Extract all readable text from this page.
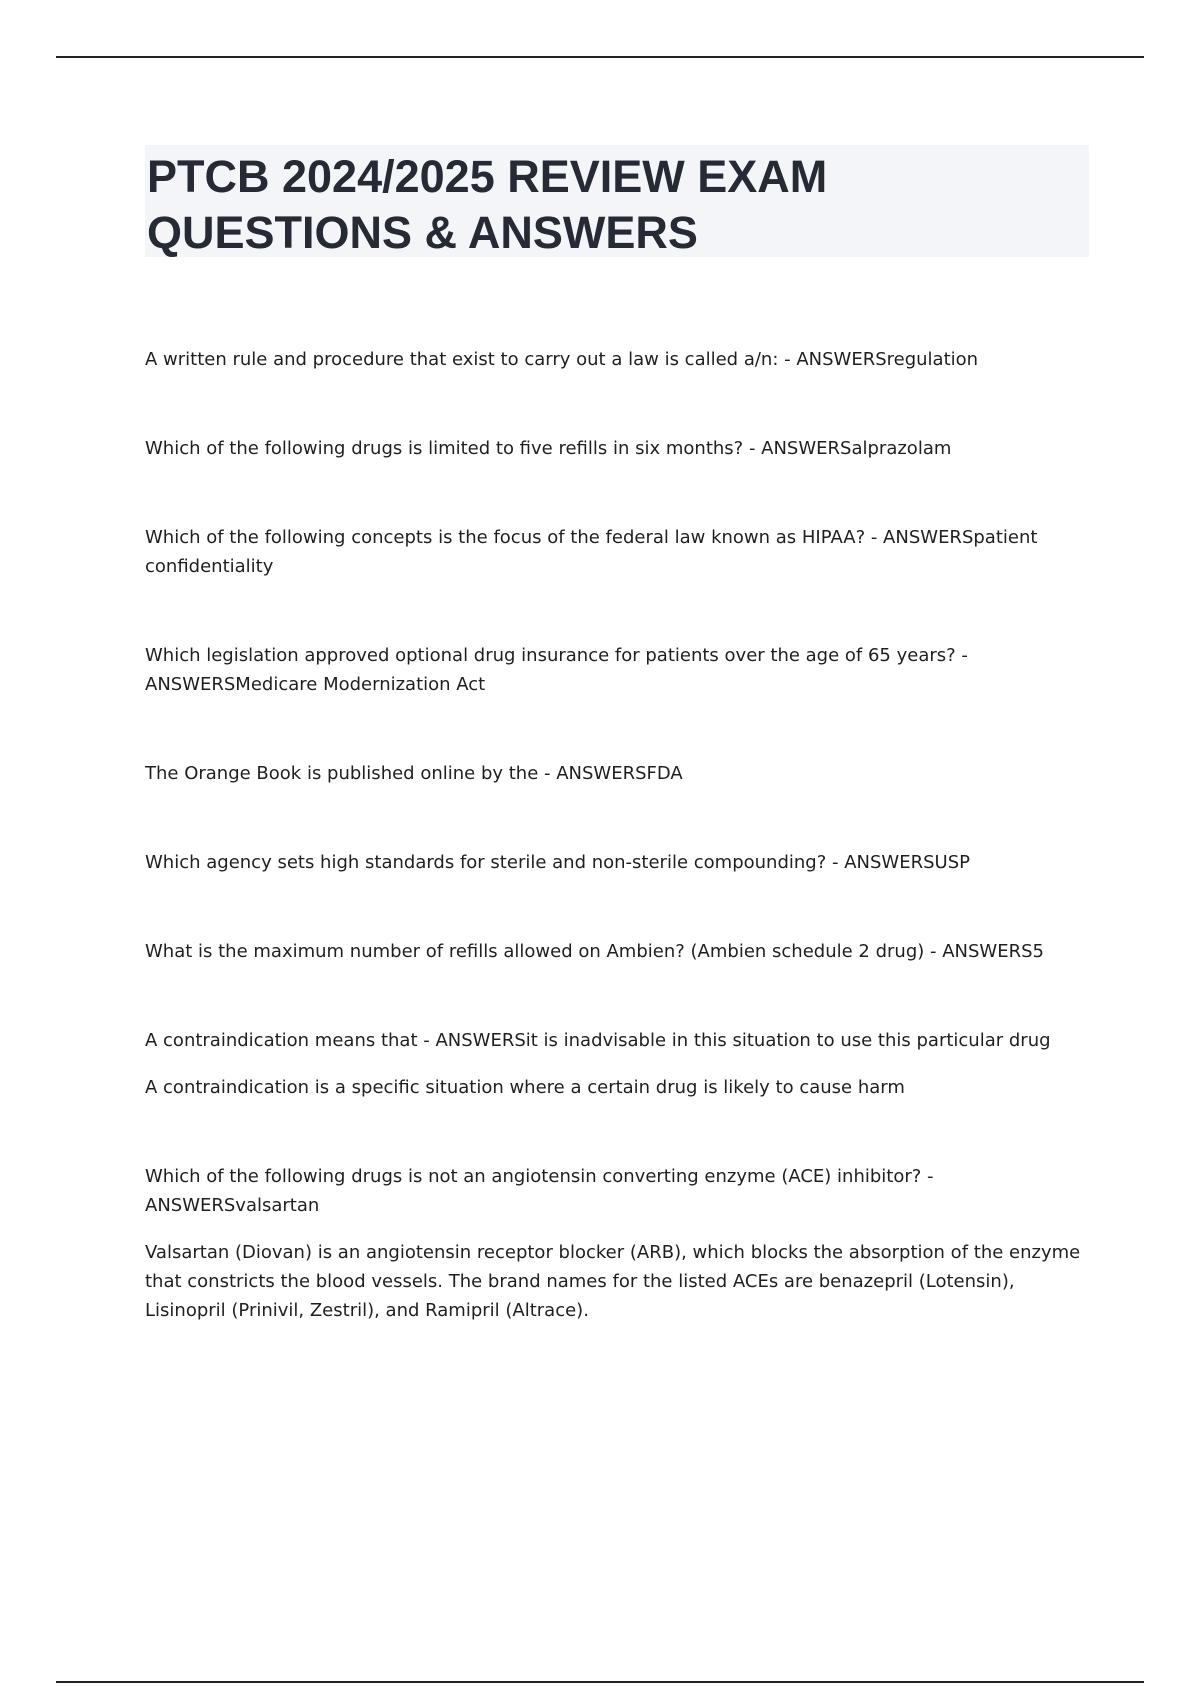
PTCB 2024/2025 REVIEW EXAM

QUESTIONS & ANSWERS

A written rule and procedure that exist to carry out a law is called a/n: - ANSWERSregulation

Which of the following drugs is limited to five refills in six months? - ANSWERSalprazolam

Which of the following concepts is the focus of the federal law known as HIPAA? - ANSWERSpatient confidentiality

Which legislation approved optional drug insurance for patients over the age of 65 years? - ANSWERSMedicare Modernization Act

The Orange Book is published online by the - ANSWERSFDA

Which agency sets high standards for sterile and non-sterile compounding? - ANSWERSUSP

What is the maximum number of refills allowed on Ambien? (Ambien schedule 2 drug) - ANSWERS5

A contraindication means that - ANSWERSit is inadvisable in this situation to use this particular drug

A contraindication is a specific situation where a certain drug is likely to cause harm

Which of the following drugs is not an angiotensin converting enzyme (ACE) inhibitor? - ANSWERSvalsartan

Valsartan (Diovan) is an angiotensin receptor blocker (ARB), which blocks the absorption of the enzyme that constricts the blood vessels. The brand names for the listed ACEs are benazepril (Lotensin), Lisinopril (Prinivil, Zestril), and Ramipril (Altrace).
